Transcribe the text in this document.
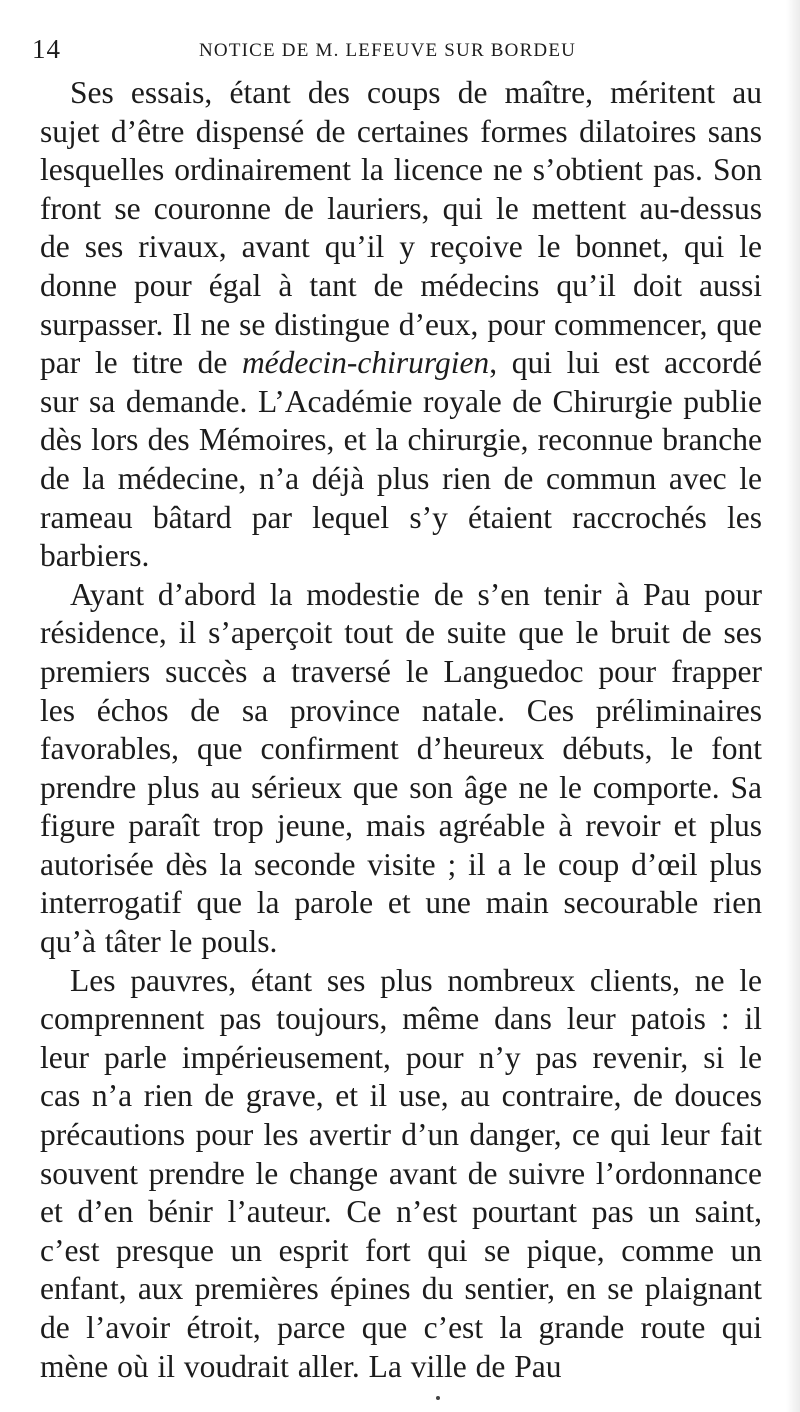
14	NOTICE DE M. LEFEUVE SUR BORDEU

Ses essais, étant des coups de maître, méritent au sujet d’être dispensé de certaines formes dilatoires sans lesquelles ordinairement la licence ne s’obtient pas. Son front se couronne de lauriers, qui le mettent au-dessus de ses rivaux, avant qu’il y reçoive le bonnet, qui le donne pour égal à tant de médecins qu’il doit aussi surpasser. Il ne se distingue d’eux, pour commencer, que par le titre de médecin-chirurgien, qui lui est accordé sur sa demande. L’Académie royale de Chirurgie publie dès lors des Mémoires, et la chirurgie, reconnue branche de la médecine, n’a déjà plus rien de commun avec le rameau bâtard par lequel s’y étaient raccrochés les barbiers.

Ayant d’abord la modestie de s’en tenir à Pau pour résidence, il s’aperçoit tout de suite que le bruit de ses premiers succès a traversé le Languedoc pour frapper les échos de sa province natale. Ces préliminaires favorables, que confirment d’heureux débuts, le font prendre plus au sérieux que son âge ne le comporte. Sa figure paraît trop jeune, mais agréable à revoir et plus autorisée dès la seconde visite ; il a le coup d’œil plus interrogatif que la parole et une main secourable rien qu’à tâter le pouls.

Les pauvres, étant ses plus nombreux clients, ne le comprennent pas toujours, même dans leur patois : il leur parle impérieusement, pour n’y pas revenir, si le cas n’a rien de grave, et il use, au contraire, de douces précautions pour les avertir d’un danger, ce qui leur fait souvent prendre le change avant de suivre l’ordonnance et d’en bénir l’auteur. Ce n’est pourtant pas un saint, c’est presque un esprit fort qui se pique, comme un enfant, aux premières épines du sentier, en se plaignant de l’avoir étroit, parce que c’est la grande route qui mène où il voudrait aller. La ville de Pau
